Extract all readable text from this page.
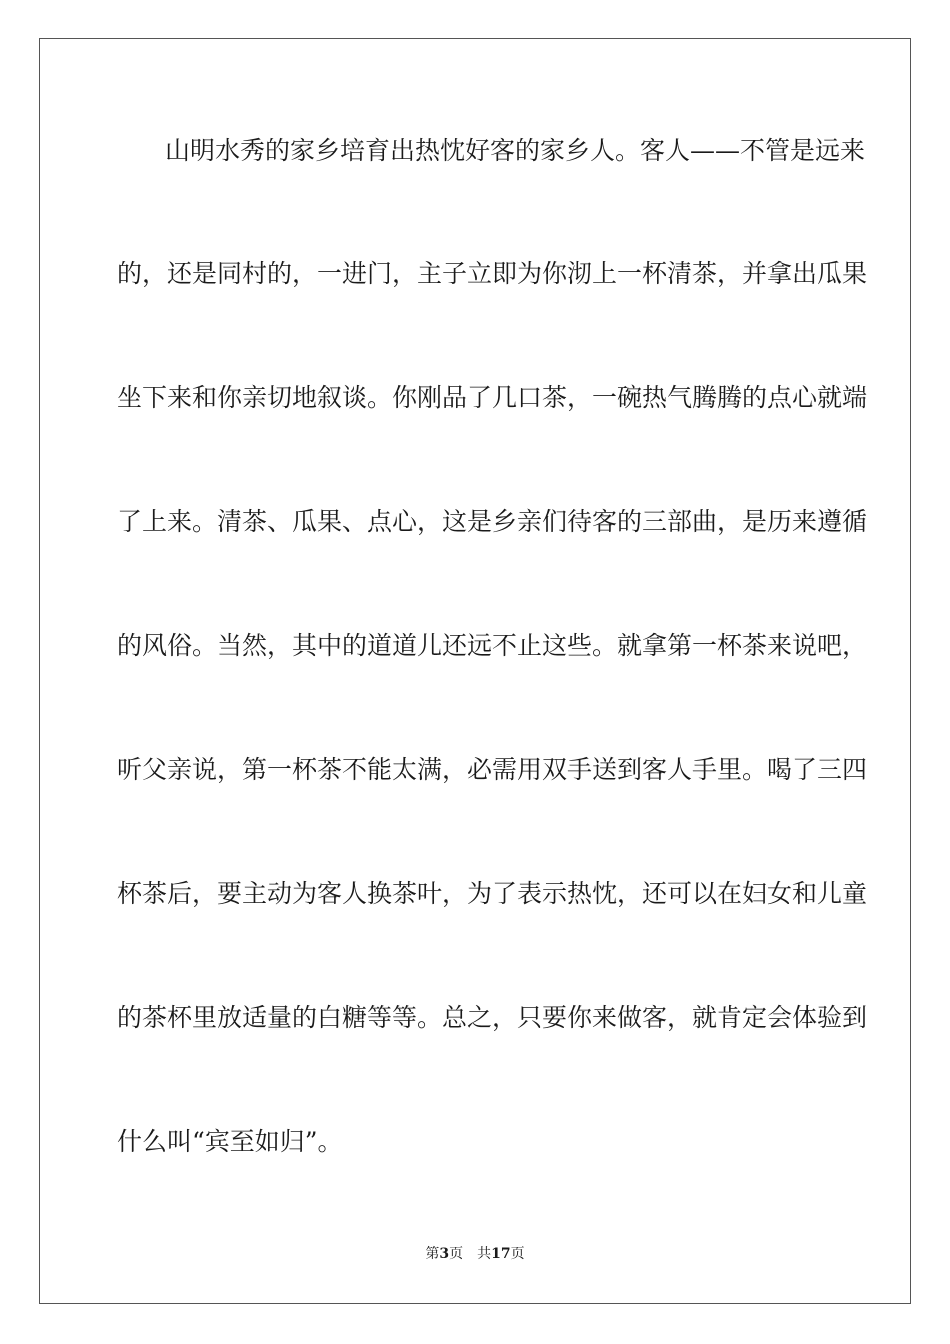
山明水秀的家乡培育出热忱好客的家乡人。客人——不管是远来
的，还是同村的，一进门，主子立即为你沏上一杯清茶，并拿出瓜果
坐下来和你亲切地叙谈。你刚品了几口茶，一碗热气腾腾的点心就端
了上来。清茶、瓜果、点心，这是乡亲们待客的三部曲，是历来遵循
的风俗。当然，其中的道道儿还远不止这些。就拿第一杯茶来说吧，
听父亲说，第一杯茶不能太满，必需用双手送到客人手里。喝了三四
杯茶后，要主动为客人换茶叶，为了表示热忱，还可以在妇女和儿童
的茶杯里放适量的白糖等等。总之，只要你来做客，就肯定会体验到
什么叫“宾至如归”。
第3页 共17页
